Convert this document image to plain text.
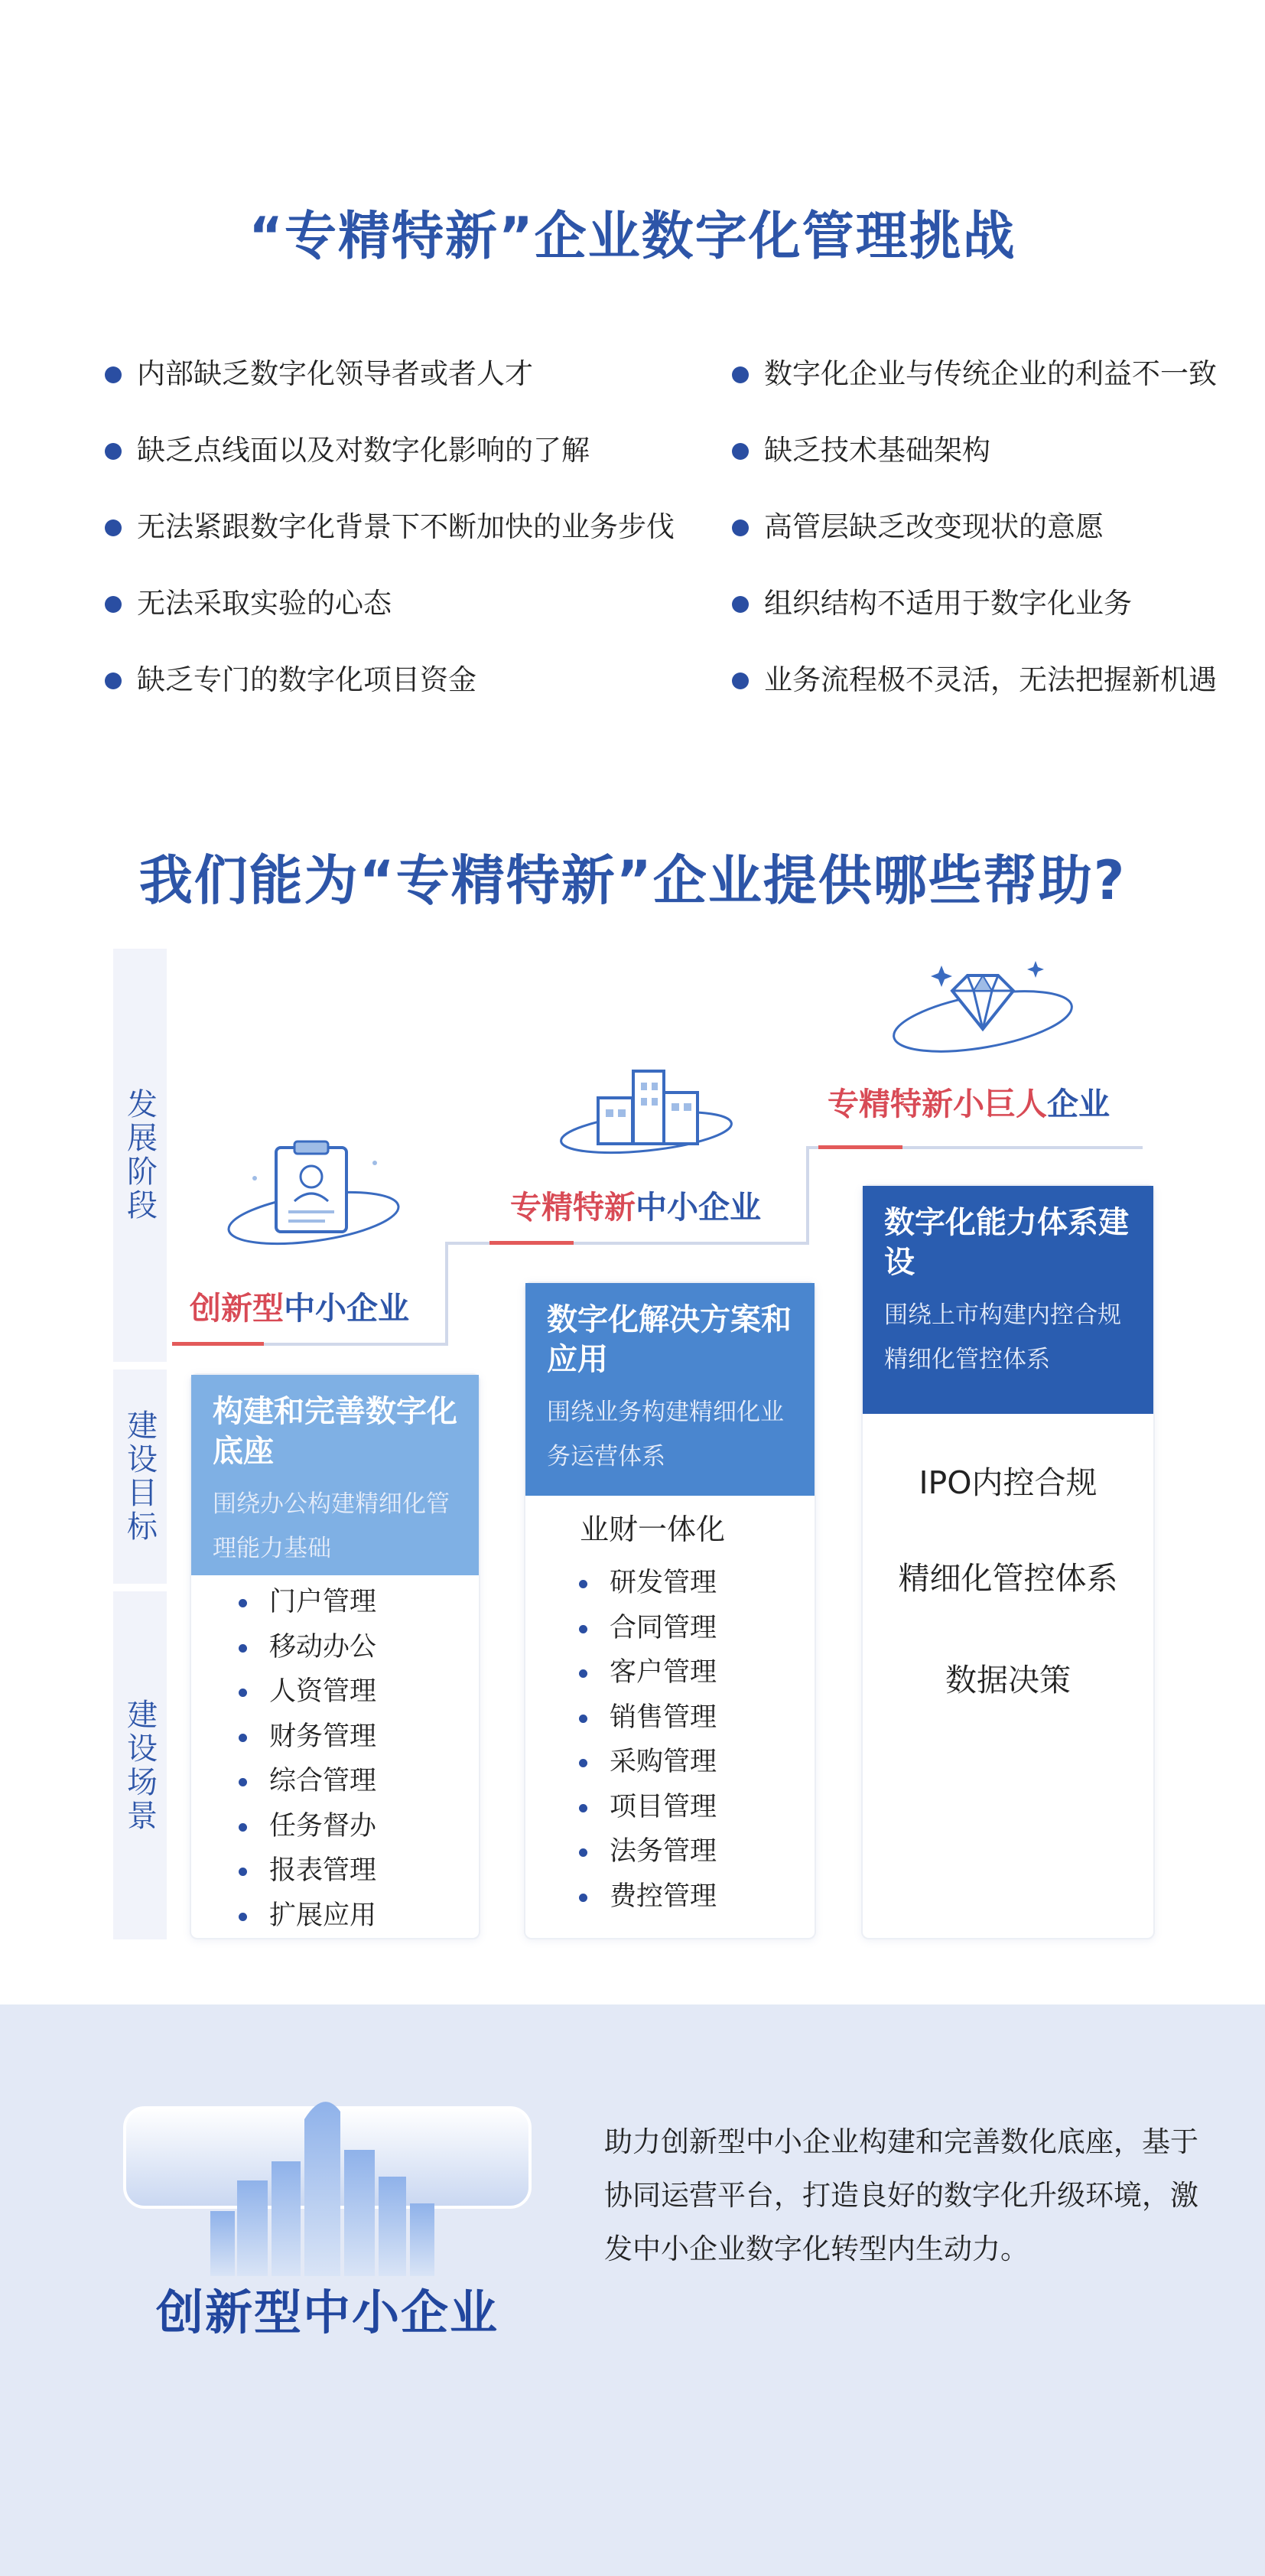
“专精特新”企业数字化管理挑战
内部缺乏数字化领导者或者人才
缺乏点线面以及对数字化影响的了解
无法紧跟数字化背景下不断加快的业务步伐
无法采取实验的心态
缺乏专门的数字化项目资金
数字化企业与传统企业的利益不一致
缺乏技术基础架构
高管层缺乏改变现状的意愿
组织结构不适用于数字化业务
业务流程极不灵活，无法把握新机遇
我们能为“专精特新”企业提供哪些帮助?
发展阶段
建设目标
建设场景
创新型中小企业
专精特新中小企业
专精特新小巨人企业
构建和完善数字化底座
围绕办公构建精细化管理能力基础
门户管理
移动办公
人资管理
财务管理
综合管理
任务督办
报表管理
扩展应用
数字化解决方案和应用
围绕业务构建精细化业务运营体系
业财一体化
研发管理
合同管理
客户管理
销售管理
采购管理
项目管理
法务管理
费控管理
数字化能力体系建设
围绕上市构建内控合规精细化管控体系
IPO内控合规
精细化管控体系
数据决策
创新型中小企业
助力创新型中小企业构建和完善数化底座，基于协同运营平台，打造良好的数字化升级环境，激发中小企业数字化转型内生动力。
